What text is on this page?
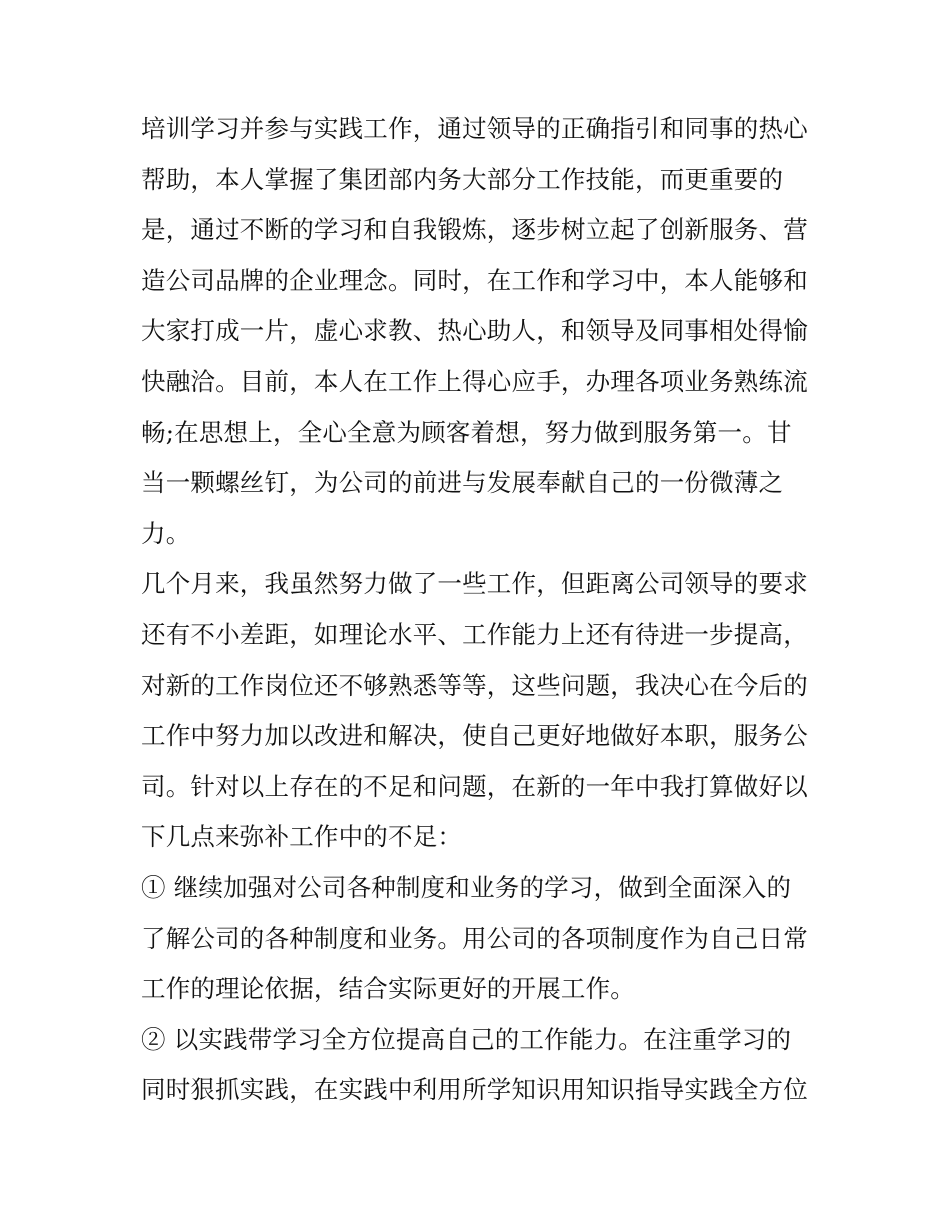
培训学习并参与实践工作，通过领导的正确指引和同事的热心
帮助，本人掌握了集团部内务大部分工作技能，而更重要的
是，通过不断的学习和自我锻炼，逐步树立起了创新服务、营
造公司品牌的企业理念。同时，在工作和学习中，本人能够和
大家打成一片，虚心求教、热心助人，和领导及同事相处得愉
快融洽。目前，本人在工作上得心应手，办理各项业务熟练流
畅;在思想上，全心全意为顾客着想，努力做到服务第一。甘
当一颗螺丝钉，为公司的前进与发展奉献自己的一份微薄之
力。
几个月来，我虽然努力做了一些工作，但距离公司领导的要求
还有不小差距，如理论水平、工作能力上还有待进一步提高，
对新的工作岗位还不够熟悉等等，这些问题，我决心在今后的
工作中努力加以改进和解决，使自己更好地做好本职，服务公
司。针对以上存在的不足和问题，在新的一年中我打算做好以
下几点来弥补工作中的不足：
① 继续加强对公司各种制度和业务的学习，做到全面深入的
了解公司的各种制度和业务。用公司的各项制度作为自己日常
工作的理论依据，结合实际更好的开展工作。
② 以实践带学习全方位提高自己的工作能力。在注重学习的
同时狠抓实践，在实践中利用所学知识用知识指导实践全方位
